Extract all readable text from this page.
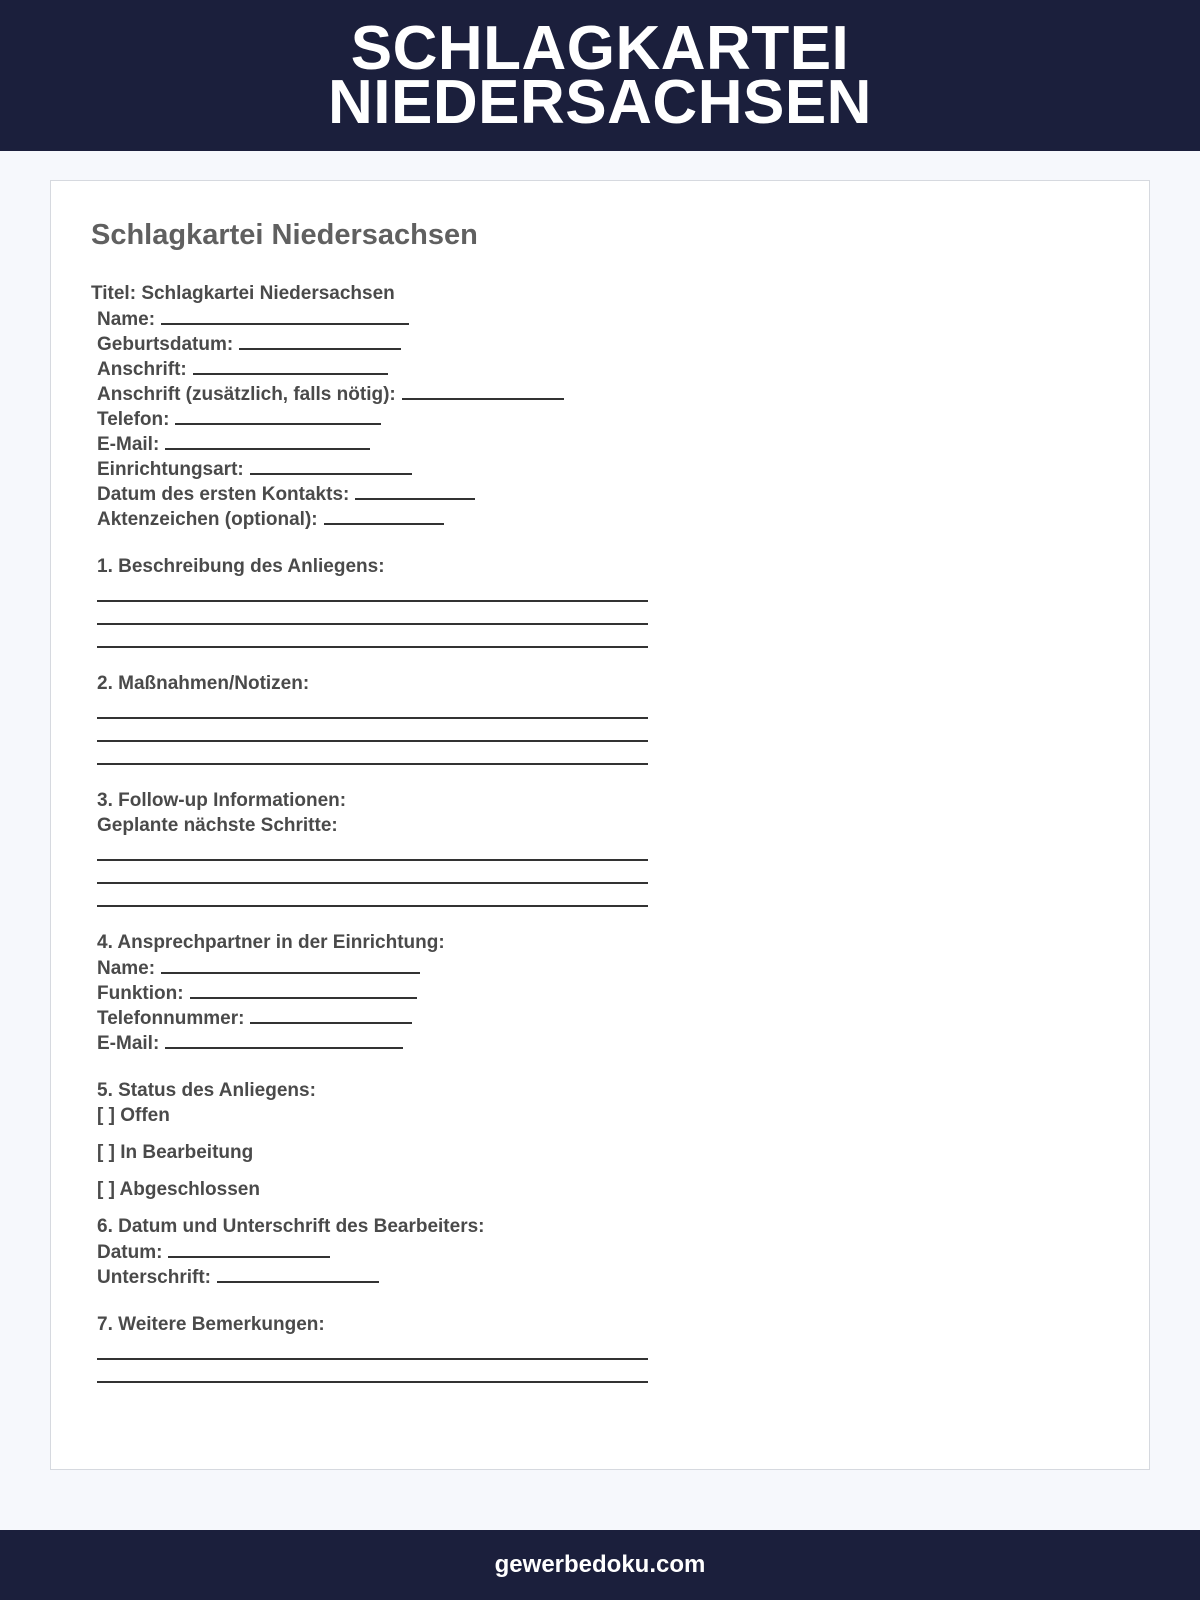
SCHLAGKARTEI
NIEDERSACHSEN
Schlagkartei Niedersachsen
Titel: Schlagkartei Niedersachsen
Name:
Geburtsdatum:
Anschrift:
Anschrift (zusätzlich, falls nötig):
Telefon:
E-Mail:
Einrichtungsart:
Datum des ersten Kontakts:
Aktenzeichen (optional):
1. Beschreibung des Anliegens:
2. Maßnahmen/Notizen:
3. Follow-up Informationen:
Geplante nächste Schritte:
4. Ansprechpartner in der Einrichtung:
Name:
Funktion:
Telefonnummer:
E-Mail:
5. Status des Anliegens:
[ ] Offen
[ ] In Bearbeitung
[ ] Abgeschlossen
6. Datum und Unterschrift des Bearbeiters:
Datum:
Unterschrift:
7. Weitere Bemerkungen:
gewerbedoku.com
